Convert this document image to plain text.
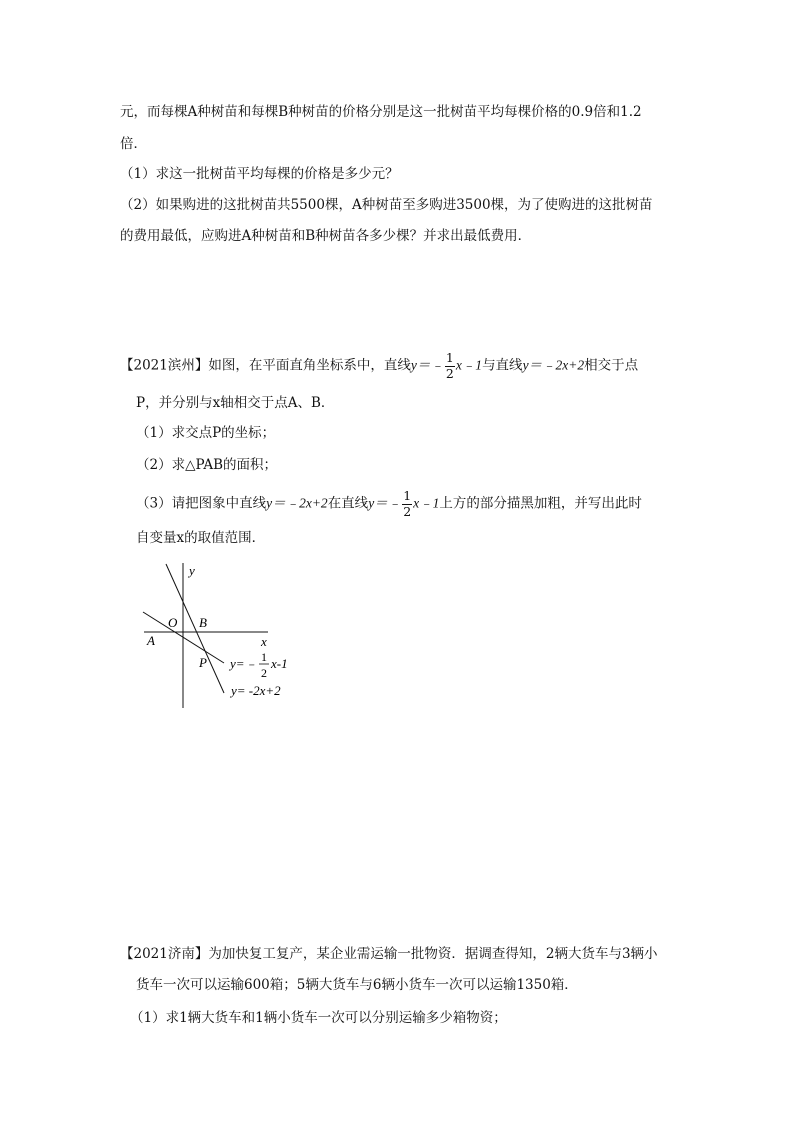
元，而每棵A种树苗和每棵B种树苗的价格分别是这一批树苗平均每棵价格的0.9倍和1.2
倍．
（1）求这一批树苗平均每棵的价格是多少元？
（2）如果购进的这批树苗共5500棵，A种树苗至多购进3500棵，为了使购进的这批树苗
的费用最低，应购进A种树苗和B种树苗各多少棵？并求出最低费用．
【2021滨州】如图，在平面直角坐标系中，直线y＝﹣ $\frac{1}{2}$ x﹣1与直线y＝﹣2x+2相交于点
P，并分别与x轴相交于点A、B．
（1）求交点P的坐标；
（2）求△PAB的面积；
（3）请把图象中直线y＝﹣2x+2在直线y＝﹣ $\frac{1}{2}$ x﹣1上方的部分描黑加粗，并写出此时
自变量x的取值范围．
y
x
O B
A
P y=﹣ 1
2
x-1
y= -2x+2
【2021济南】为加快复工复产，某企业需运输一批物资．据调查得知，2辆大货车与3辆小
货车一次可以运输600箱；5辆大货车与6辆小货车一次可以运输1350箱．
（1）求1辆大货车和1辆小货车一次可以分别运输多少箱物资；
